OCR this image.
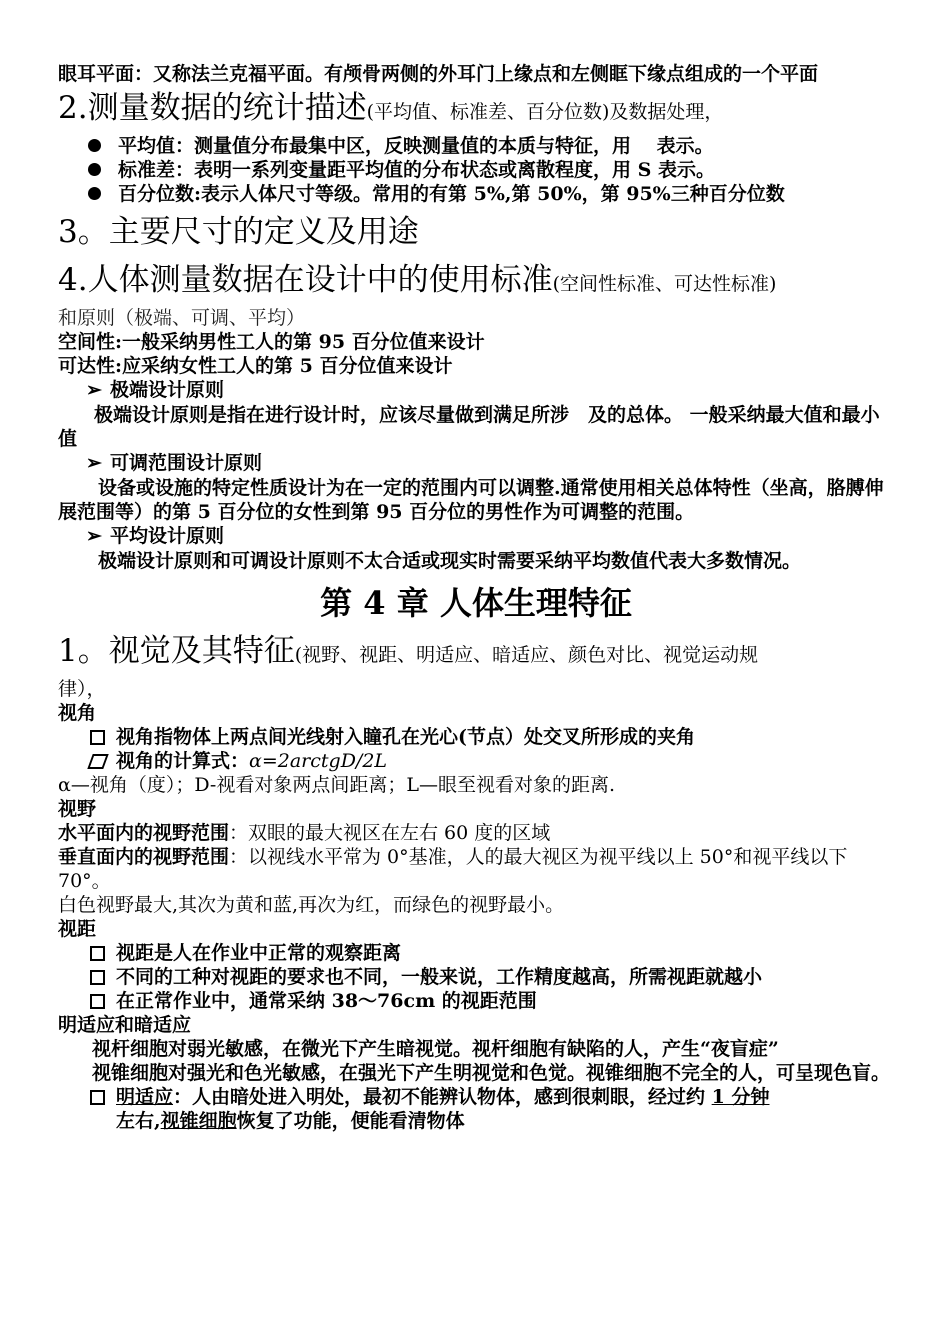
眼耳平面：又称法兰克福平面。有颅骨两侧的外耳门上缘点和左侧眶下缘点组成的一个平面

2.测量数据的统计描述(平均值、标准差、百分位数)及数据处理，

平均值：测量值分布最集中区，反映测量值的本质与特征，用　 表示。

标准差：表明一系列变量距平均值的分布状态或离散程度，用 S 表示。

百分位数:表示人体尺寸等级。常用的有第 5%,第 50%，第 95%三种百分位数

3。主要尺寸的定义及用途

4.人体测量数据在设计中的使用标准(空间性标准、可达性标准)

和原则（极端、可调、平均）

空间性:一般采纳男性工人的第 95 百分位值来设计

可达性:应采纳女性工人的第 5 百分位值来设计

➢ 极端设计原则

极端设计原则是指在进行设计时，应该尽量做到满足所涉　及的总体。 一般采纳最大值和最小值

➢ 可调范围设计原则

设备或设施的特定性质设计为在一定的范围内可以调整.通常使用相关总体特性（坐高，胳膊伸展范围等）的第 5 百分位的女性到第 95 百分位的男性作为可调整的范围。

➢ 平均设计原则

极端设计原则和可调设计原则不太合适或现实时需要采纳平均数值代表大多数情况。

第 4 章 人体生理特征

1。视觉及其特征(视野、视距、明适应、暗适应、颜色对比、视觉运动规

律），

视角

视角指物体上两点间光线射入瞳孔在光心(节点）处交叉所形成的夹角

视角的计算式：α=2arctgD/2L

α—视角（度）；D-视看对象两点间距离；L—眼至视看对象的距离.

视野

水平面内的视野范围：双眼的最大视区在左右 60 度的区域

垂直面内的视野范围：以视线水平常为 0°基准，人的最大视区为视平线以上 50°和视平线以下 70°。

白色视野最大,其次为黄和蓝,再次为红，而绿色的视野最小。

视距

视距是人在作业中正常的观察距离

不同的工种对视距的要求也不同，一般来说，工作精度越高，所需视距就越小

在正常作业中，通常采纳 38～76cm 的视距范围

明适应和暗适应

视杆细胞对弱光敏感，在微光下产生暗视觉。视杆细胞有缺陷的人，产生“夜盲症”

视锥细胞对强光和色光敏感，在强光下产生明视觉和色觉。视锥细胞不完全的人，可呈现色盲。

明适应：人由暗处进入明处，最初不能辨认物体，感到很刺眼，经过约 1 分钟
左右,视锥细胞恢复了功能，便能看清物体
